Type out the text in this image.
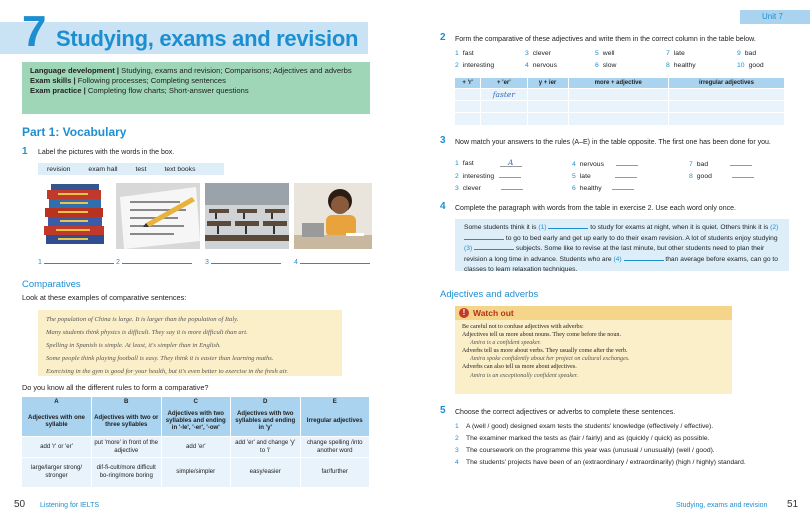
7 Studying, exams and revision
Language development | Studying, exams and revision; Comparisons; Adjectives and adverbs
Exam skills | Following processes; Completing sentences
Exam practice | Completing flow charts; Short-answer questions
Part 1: Vocabulary
1 Label the pictures with the words in the box.
revision	exam hall	test	text books
1	2	3	4
Comparatives
Look at these examples of comparative sentences:
The population of China is large. It is larger than the population of Italy.
Many students think physics is difficult. They say it is more difficult than art.
Spelling in Spanish is simple. At least, it's simpler than in English.
Some people think playing football is easy. They think it is easier than learning maths.
Exercising in the gym is good for your health, but it's even better to exercise in the fresh air.
Do you know all the different rules to form a comparative?
A	B	C	D	E
Adjectives with one syllable	Adjectives with two or three syllables	Adjectives with two syllables and ending in '-le', '-er', '-ow'	Adjectives with two syllables and ending in 'y'	Irregular adjectives
add 'r' or 'er'	put 'more' in front of the adjective	add 'er'	add 'er' and change 'y' to 'i'	change spelling /into another word
large/larger strong/ stronger	dif-fi-cult/more difficult bo-ring/more boring	simple/simpler	easy/easier	far/further
50 Listening for IELTS
Unit 7
2 Form the comparative of these adjectives and write them in the correct column in the table below.
1 fast	3 clever	5 well	7 late	9 bad
2 interesting	4 nervous	6 slow	8 healthy	10 good
+ 'r'	+ 'er'	y + ier	more + adjective	irregular adjectives
	faster			

3 Now match your answers to the rules (A–E) in the table opposite. The first one has been done for you.
1 fast	A	4 nervous	7 bad
2 interesting	5 late	8 good
3 clever	6 healthy
4 Complete the paragraph with words from the table in exercise 2. Use each word only once.
Some students think it is (1)	to study for exams at night, when it is quiet. Others think it is (2)  to go to bed early and get up early to do their exam revision. A lot of students enjoy studying (3)	subjects. Some like to revise at the last minute, but other students need to plan their revision a long time in advance. Students who are (4)	than average before exams, can go to classes to learn relaxation techniques.
Adjectives and adverbs
! Watch out
Be careful not to confuse adjectives with adverbs:
Adjectives tell us more about nouns. They come before the noun.
Amira is a confident speaker.
Adverbs tell us more about verbs. They usually come after the verb.
Amira spoke confidently about her project on cultural exchanges.
Adverbs can also tell us more about adjectives.
Amira is an exceptionally confident speaker.
5 Choose the correct adjectives or adverbs to complete these sentences.
1 A (well / good) designed exam tests the students' knowledge (effectively / effective).
2 The examiner marked the tests as (fair / fairly) and as (quickly / quick) as possible.
3 The coursework on the programme this year was (unusual / unusually) (well / good).
4 The students' projects have been of an (extraordinary / extraordinarily) (high / highly) standard.
Studying, exams and revision 51
